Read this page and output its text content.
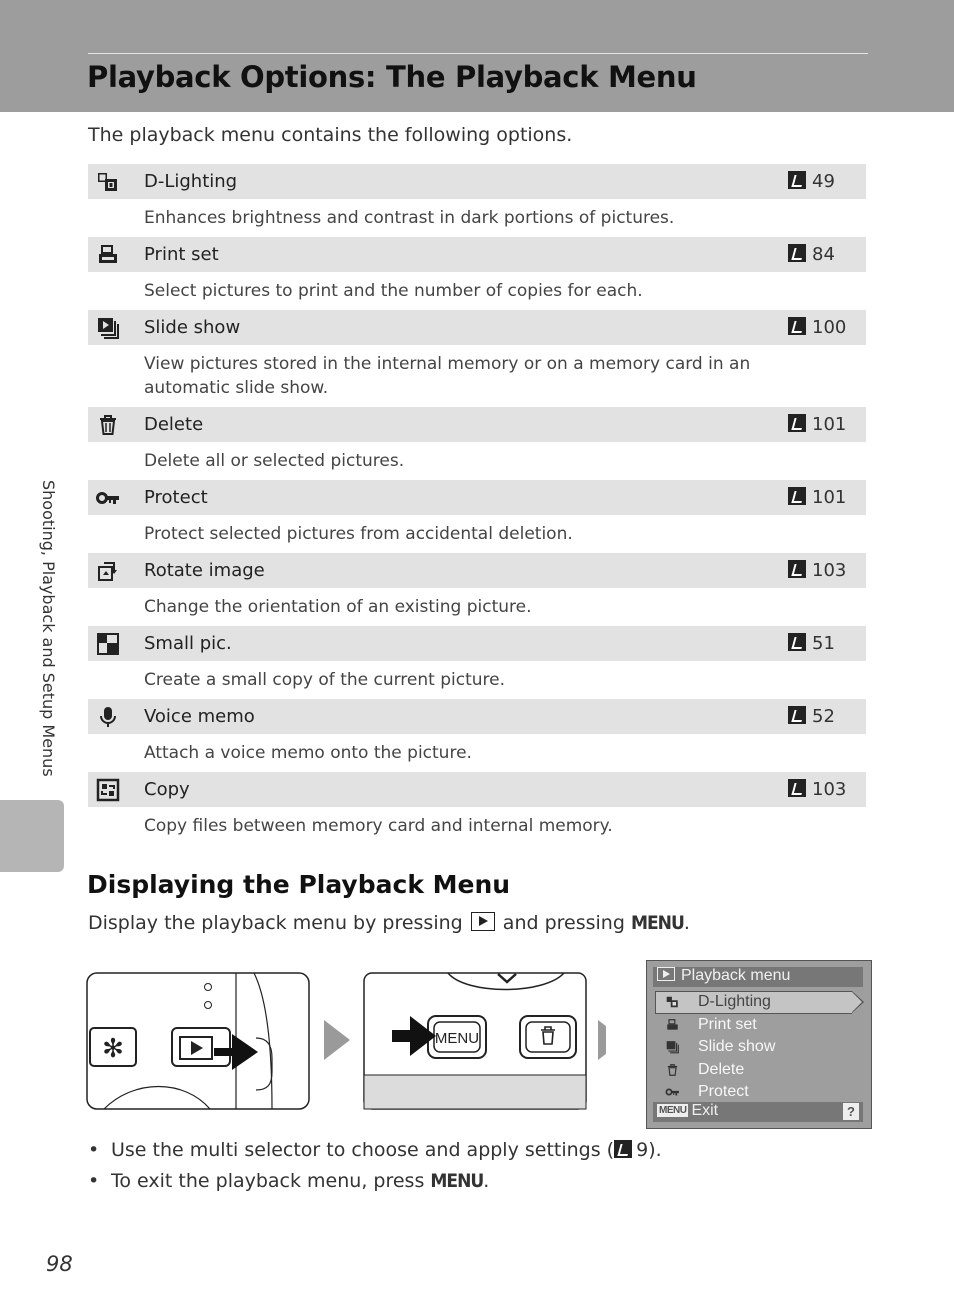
Playback Options: The Playback Menu
The playback menu contains the following options.
D-Lighting	49
Enhances brightness and contrast in dark portions of pictures.
Print set	84
Select pictures to print and the number of copies for each.
Slide show	100
View pictures stored in the internal memory or on a memory card in an automatic slide show.
Delete	101
Delete all or selected pictures.
Protect	101
Protect selected pictures from accidental deletion.
Rotate image	103
Change the orientation of an existing picture.
Small pic.	51
Create a small copy of the current picture.
Voice memo	52
Attach a voice memo onto the picture.
Copy	103
Copy files between memory card and internal memory.
Shooting, Playback and Setup Menus
Displaying the Playback Menu
Display the playback menu by pressing and pressing MENU.
✻	MENU
Playback menu
D-Lighting
Print set
Slide show
Delete
Protect
MENU Exit	?
• Use the multi selector to choose and apply settings ( 9).
• To exit the playback menu, press MENU.
98
